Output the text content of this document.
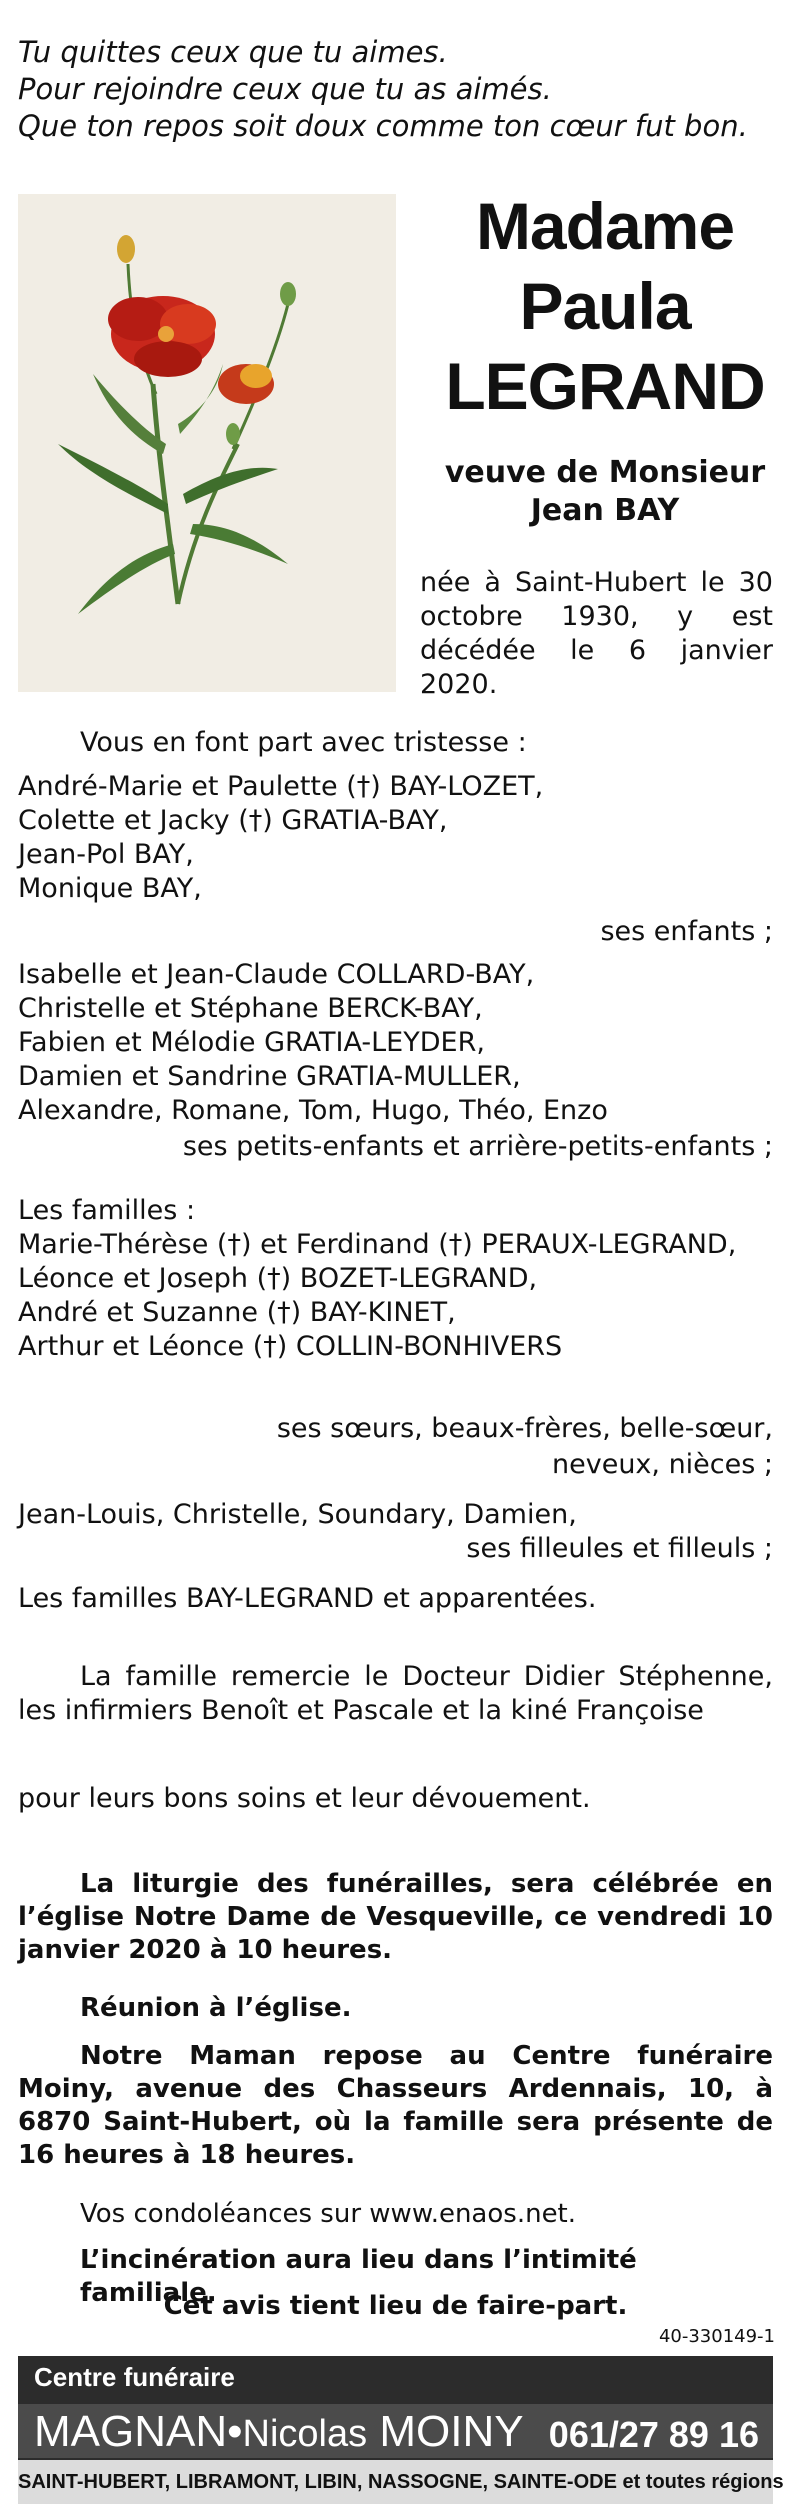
Tu quittes ceux que tu aimes.
Pour rejoindre ceux que tu as aimés.
Que ton repos soit doux comme ton cœur fut bon.
Madame
Paula
LEGRAND
veuve de Monsieur
Jean BAY
née à Saint-Hubert le 30 octobre 1930, y est décédée le 6 janvier 2020.
Vous en font part avec tristesse :
André-Marie et Paulette (†) BAY-LOZET,
Colette et Jacky (†) GRATIA-BAY,
Jean-Pol BAY,
Monique BAY,
ses enfants ;
Isabelle et Jean-Claude COLLARD-BAY,
Christelle et Stéphane BERCK-BAY,
Fabien et Mélodie GRATIA-LEYDER,
Damien et Sandrine GRATIA-MULLER,
Alexandre, Romane, Tom, Hugo, Théo, Enzo
ses petits-enfants et arrière-petits-enfants ;
Les familles :
Marie-Thérèse (†) et Ferdinand (†) PERAUX-LEGRAND,
Léonce et Joseph (†) BOZET-LEGRAND,
André et Suzanne (†) BAY-KINET,
Arthur et Léonce (†) COLLIN-BONHIVERS
ses sœurs, beaux-frères, belle-sœur,
neveux, nièces ;
Jean-Louis, Christelle, Soundary, Damien,
ses filleules et filleuls ;
Les familles BAY-LEGRAND et apparentées.
La famille remercie le Docteur Didier Stéphenne, les infirmiers Benoît et Pascale et la kiné Françoise
pour leurs bons soins et leur dévouement.
La liturgie des funérailles, sera célébrée en l’église Notre Dame de Vesqueville, ce vendredi 10 janvier 2020 à 10 heures.
Réunion à l’église.
Notre Maman repose au Centre funéraire Moiny, avenue des Chasseurs Ardennais, 10, à 6870 Saint-Hubert, où la famille sera présente de 16 heures à 18 heures.
Vos condoléances sur www.enaos.net.
L’incinération aura lieu dans l’intimité familiale.
Cet avis tient lieu de faire-part.
40-330149-1
Centre funéraire
MAGNAN•Nicolas MOINY 061/27 89 16
SAINT-HUBERT, LIBRAMONT, LIBIN, NASSOGNE, SAINTE-ODE et toutes régions
